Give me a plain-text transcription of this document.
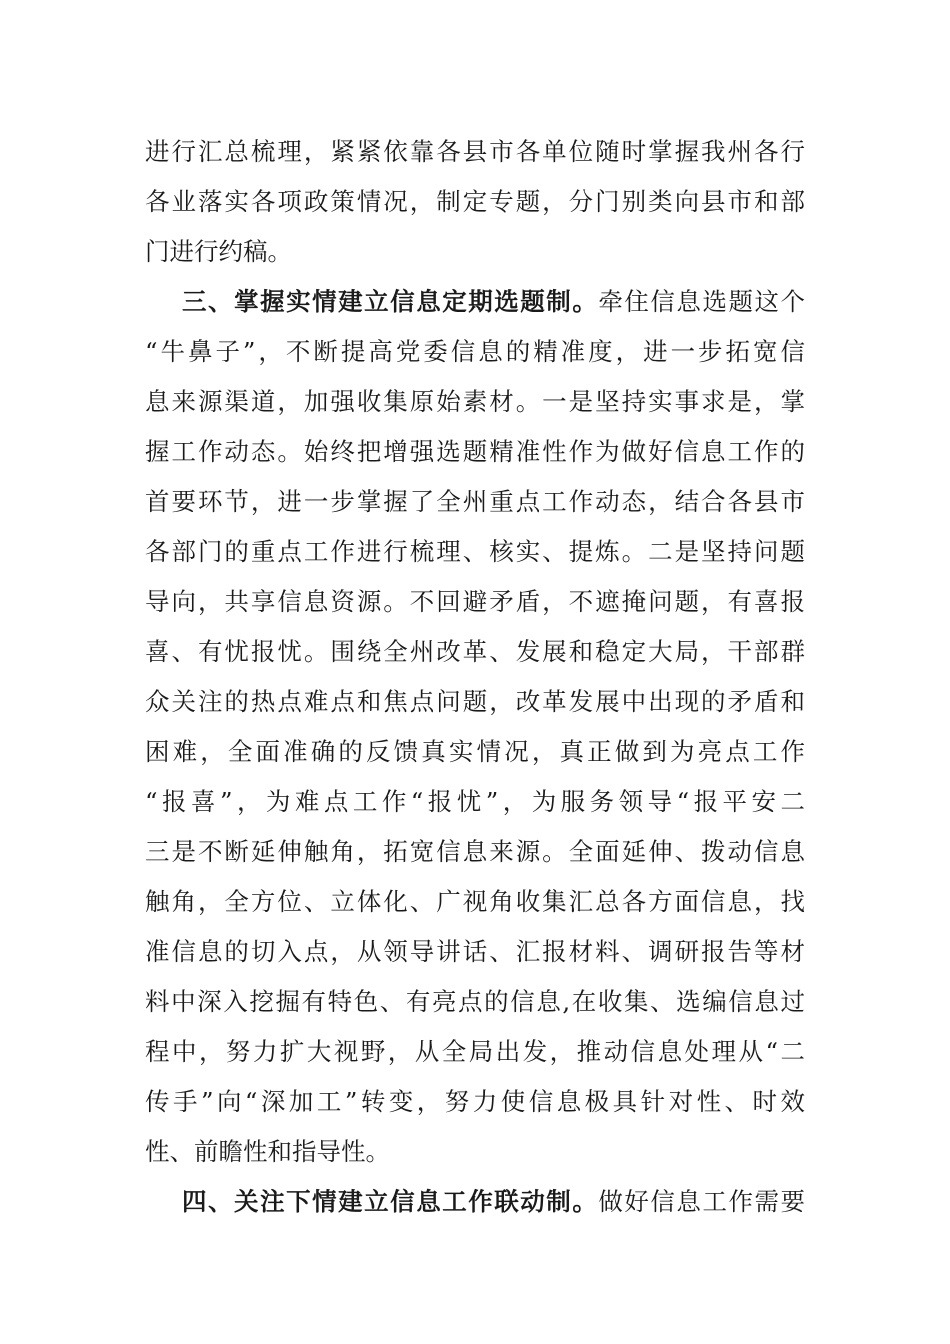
进行汇总梳理，紧紧依靠各县市各单位随时掌握我州各行
各业落实各项政策情况，制定专题，分门别类向县市和部
门进行约稿。
三、掌握实情建立信息定期选题制。牵住信息选题这个
“牛鼻子”，不断提高党委信息的精准度，进一步拓宽信
息来源渠道，加强收集原始素材。一是坚持实事求是，掌
握工作动态。始终把增强选题精准性作为做好信息工作的
首要环节，进一步掌握了全州重点工作动态，结合各县市
各部门的重点工作进行梳理、核实、提炼。二是坚持问题
导向，共享信息资源。不回避矛盾，不遮掩问题，有喜报
喜、有忧报忧。围绕全州改革、发展和稳定大局，干部群
众关注的热点难点和焦点问题，改革发展中出现的矛盾和
困难，全面准确的反馈真实情况，真正做到为亮点工作
“报喜”，为难点工作“报忧”，为服务领导“报平安二
三是不断延伸触角，拓宽信息来源。全面延伸、拨动信息
触角，全方位、立体化、广视角收集汇总各方面信息，找
准信息的切入点，从领导讲话、汇报材料、调研报告等材
料中深入挖掘有特色、有亮点的信息,在收集、选编信息过
程中，努力扩大视野，从全局出发，推动信息处理从“二
传手”向“深加工”转变，努力使信息极具针对性、时效
性、前瞻性和指导性。
四、关注下情建立信息工作联动制。做好信息工作需要
